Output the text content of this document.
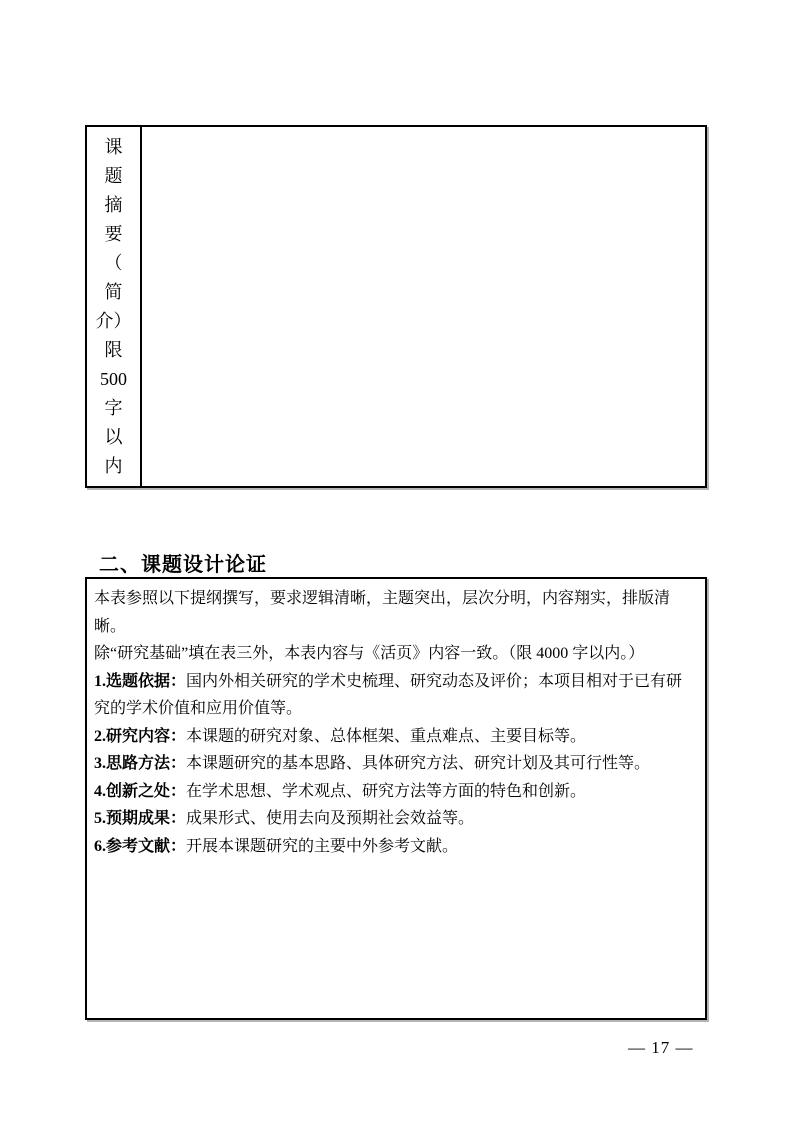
课
题
摘
要
（
简
介）
限
500
字
以
内
二、课题设计论证
本表参照以下提纲撰写，要求逻辑清晰，主题突出，层次分明，内容翔实，排版清晰。
除“研究基础”填在表三外，本表内容与《活页》内容一致。（限 4000 字以内。）

1.选题依据：国内外相关研究的学术史梳理、研究动态及评价；本项目相对于已有研究的学术价值和应用价值等。

2.研究内容：本课题的研究对象、总体框架、重点难点、主要目标等。

3.思路方法：本课题研究的基本思路、具体研究方法、研究计划及其可行性等。

4.创新之处：在学术思想、学术观点、研究方法等方面的特色和创新。

5.预期成果：成果形式、使用去向及预期社会效益等。

6.参考文献：开展本课题研究的主要中外参考文献。

— 17 —
